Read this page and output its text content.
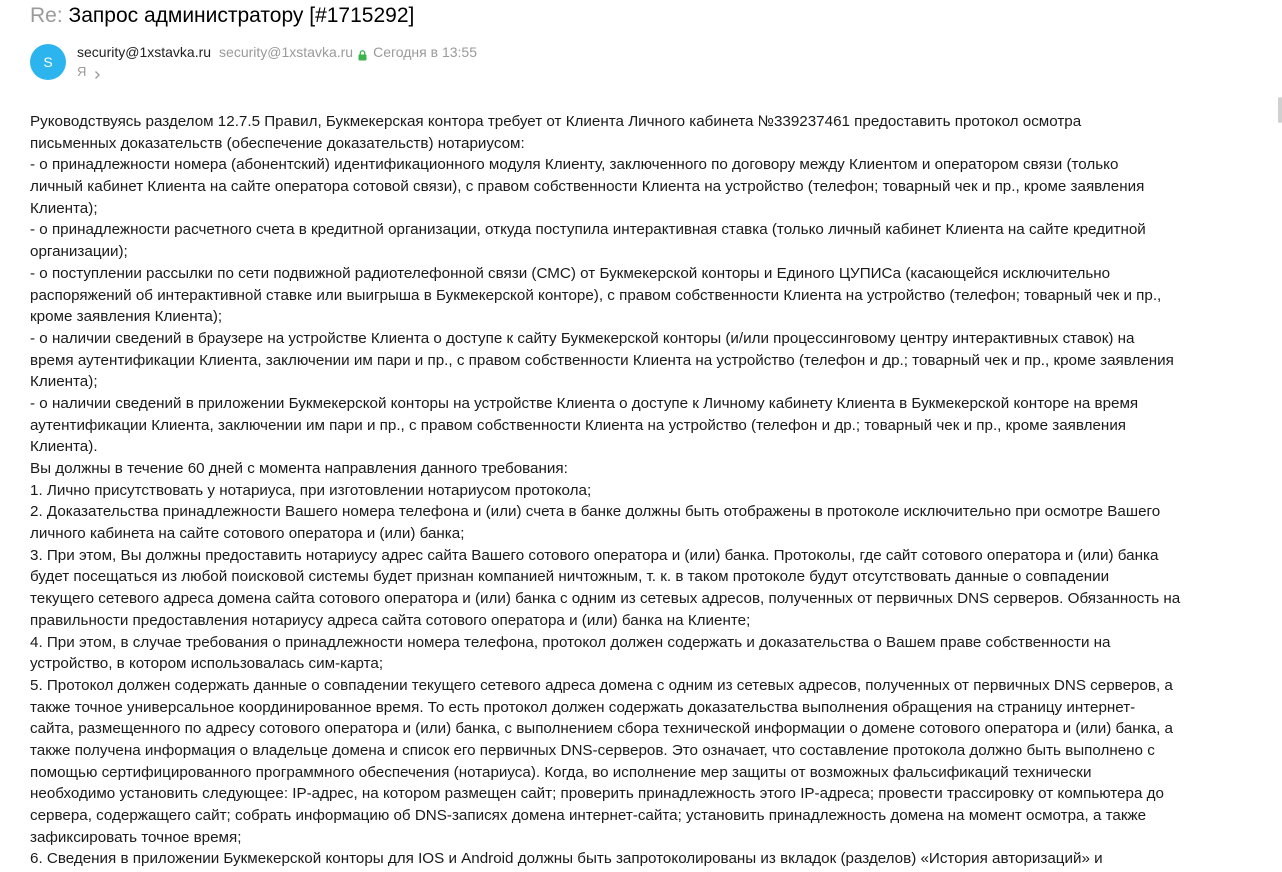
Re: Запрос администратору [#1715292]
S
security@1xstavka.ru security@1xstavka.ru Сегодня в 13:55
Я
Руководствуясь разделом 12.7.5 Правил, Букмекерская контора требует от Клиента Личного кабинета №339237461 предоставить протокол осмотра
письменных доказательств (обеспечение доказательств) нотариусом:
- о принадлежности номера (абонентский) идентификационного модуля Клиенту, заключенного по договору между Клиентом и оператором связи (только
личный кабинет Клиента на сайте оператора сотовой связи), с правом собственности Клиента на устройство (телефон; товарный чек и пр., кроме заявления
Клиента);
- о принадлежности расчетного счета в кредитной организации, откуда поступила интерактивная ставка (только личный кабинет Клиента на сайте кредитной
организации);
- о поступлении рассылки по сети подвижной радиотелефонной связи (СМС) от Букмекерской конторы и Единого ЦУПИСа (касающейся исключительно
распоряжений об интерактивной ставке или выигрыша в Букмекерской конторе), с правом собственности Клиента на устройство (телефон; товарный чек и пр.,
кроме заявления Клиента);
- о наличии сведений в браузере на устройстве Клиента о доступе к сайту Букмекерской конторы (и/или процессинговому центру интерактивных ставок) на
время аутентификации Клиента, заключении им пари и пр., с правом собственности Клиента на устройство (телефон и др.; товарный чек и пр., кроме заявления
Клиента);
- о наличии сведений в приложении Букмекерской конторы на устройстве Клиента о доступе к Личному кабинету Клиента в Букмекерской конторе на время
аутентификации Клиента, заключении им пари и пр., с правом собственности Клиента на устройство (телефон и др.; товарный чек и пр., кроме заявления
Клиента).
Вы должны в течение 60 дней с момента направления данного требования:
1. Лично присутствовать у нотариуса, при изготовлении нотариусом протокола;
2. Доказательства принадлежности Вашего номера телефона и (или) счета в банке должны быть отображены в протоколе исключительно при осмотре Вашего
личного кабинета на сайте сотового оператора и (или) банка;
3. При этом, Вы должны предоставить нотариусу адрес сайта Вашего сотового оператора и (или) банка. Протоколы, где сайт сотового оператора и (или) банка
будет посещаться из любой поисковой системы будет признан компанией ничтожным, т. к. в таком протоколе будут отсутствовать данные о совпадении
текущего сетевого адреса домена сайта сотового оператора и (или) банка с одним из сетевых адресов, полученных от первичных DNS серверов. Обязанность на
правильности предоставления нотариусу адреса сайта сотового оператора и (или) банка на Клиенте;
4. При этом, в случае требования о принадлежности номера телефона, протокол должен содержать и доказательства о Вашем праве собственности на
устройство, в котором использовалась сим-карта;
5. Протокол должен содержать данные о совпадении текущего сетевого адреса домена с одним из сетевых адресов, полученных от первичных DNS серверов, а
также точное универсальное координированное время. То есть протокол должен содержать доказательства выполнения обращения на страницу интернет-
сайта, размещенного по адресу сотового оператора и (или) банка, с выполнением сбора технической информации о домене сотового оператора и (или) банка, а
также получена информация о владельце домена и список его первичных DNS-серверов. Это означает, что составление протокола должно быть выполнено с
помощью сертифицированного программного обеспечения (нотариуса). Когда, во исполнение мер защиты от возможных фальсификаций технически
необходимо установить следующее: IP-адрес, на котором размещен сайт; проверить принадлежность этого IP-адреса; провести трассировку от компьютера до
сервера, содержащего сайт; собрать информацию об DNS-записях домена интернет-сайта; установить принадлежность домена на момент осмотра, а также
зафиксировать точное время;
6. Сведения в приложении Букмекерской конторы для IOS и Android должны быть запротоколированы из вкладок (разделов) «История авторизаций» и
